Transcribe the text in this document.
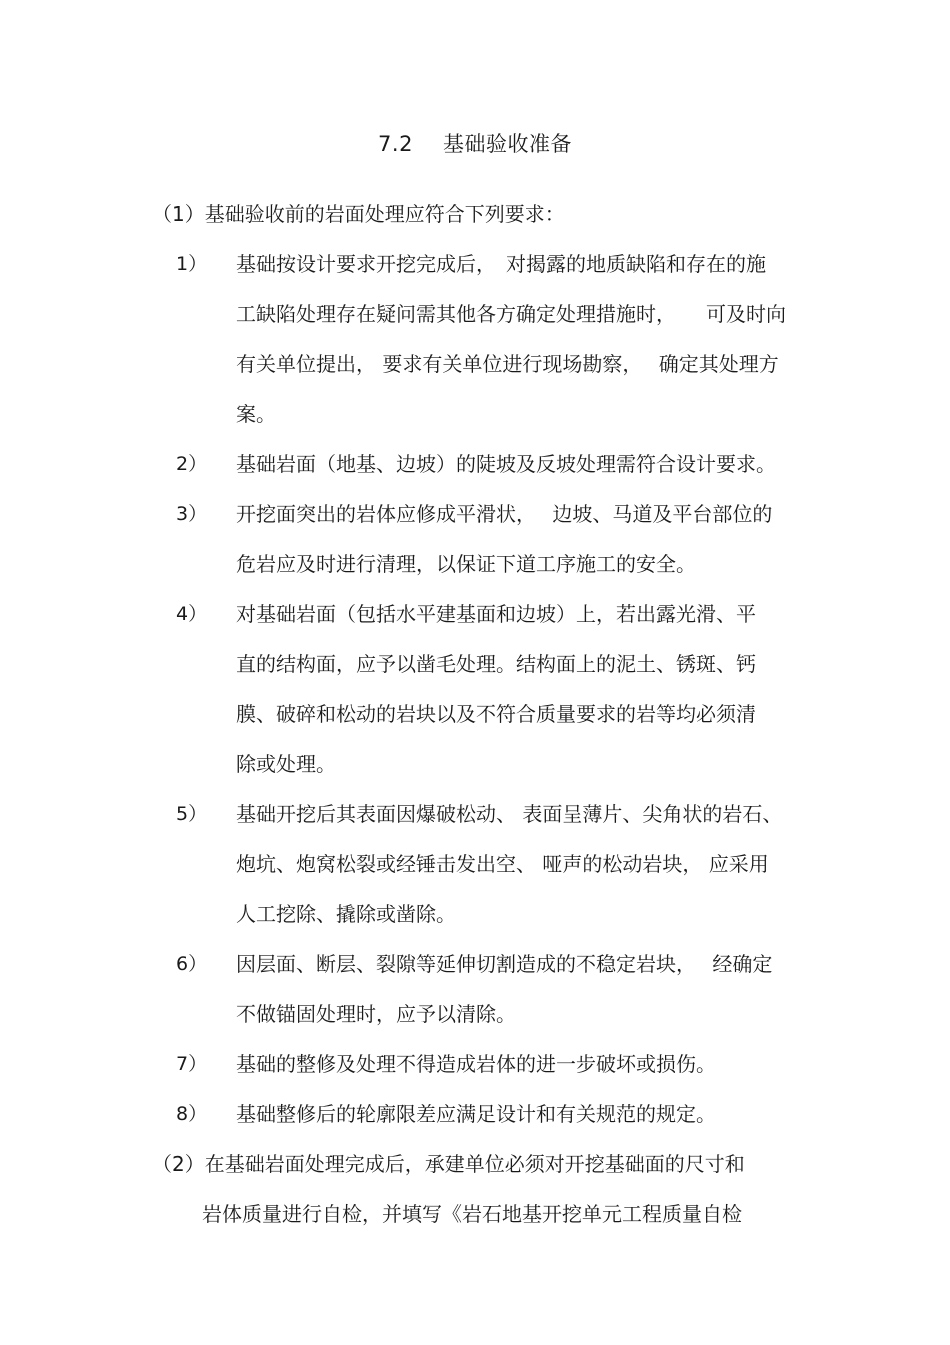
7.2 基础验收准备
（1）基础验收前的岩面处理应符合下列要求：
1） 基础按设计要求开挖完成后，　对揭露的地质缺陷和存在的施
工缺陷处理存在疑问需其他各方确定处理措施时，　　可及时向
有关单位提出， 要求有关单位进行现场勘察，　 确定其处理方
案。
2） 基础岩面（地基、边坡）的陡坡及反坡处理需符合设计要求。
3） 开挖面突出的岩体应修成平滑状，　 边坡、马道及平台部位的
危岩应及时进行清理，以保证下道工序施工的安全。
4） 对基础岩面（包括水平建基面和边坡）上，若出露光滑、平
直的结构面，应予以凿毛处理。结构面上的泥土、锈斑、钙
膜、破碎和松动的岩块以及不符合质量要求的岩等均必须清
除或处理。
5） 基础开挖后其表面因爆破松动、 表面呈薄片、尖角状的岩石、
炮坑、炮窝松裂或经锤击发出空、 哑声的松动岩块， 应采用
人工挖除、撬除或凿除。
6） 因层面、断层、裂隙等延伸切割造成的不稳定岩块，　 经确定
不做锚固处理时，应予以清除。
7） 基础的整修及处理不得造成岩体的进一步破坏或损伤。
8） 基础整修后的轮廓限差应满足设计和有关规范的规定。
（2）在基础岩面处理完成后，承建单位必须对开挖基础面的尺寸和
岩体质量进行自检，并填写《岩石地基开挖单元工程质量自检
